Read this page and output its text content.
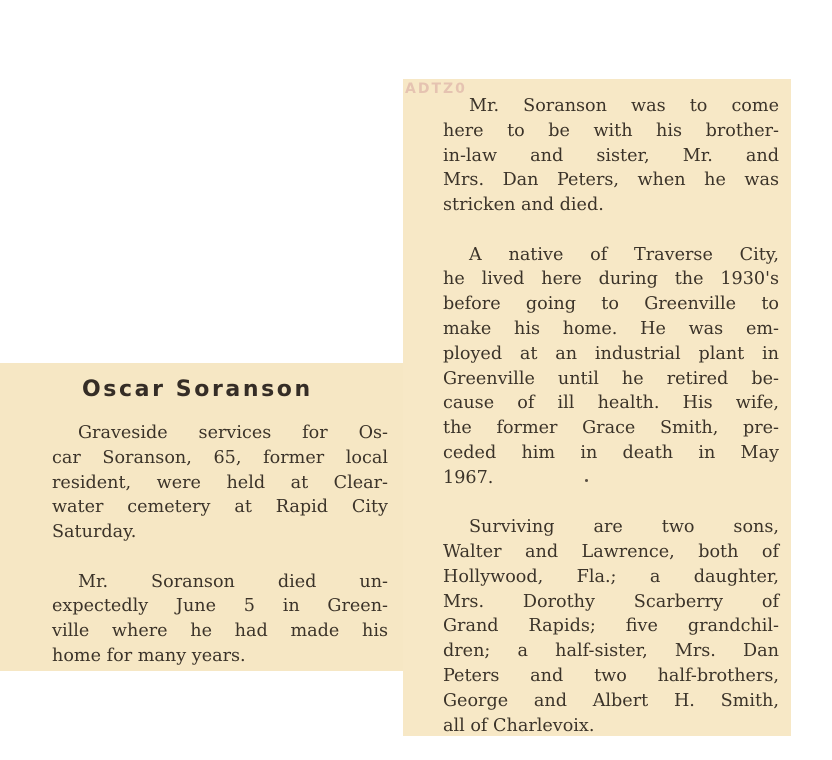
Oscar Soranson

Graveside services for Os-
car Soranson, 65, former local
resident, were held at Clear-
water cemetery at Rapid City
Saturday.

Mr. Soranson died un-
expectedly June 5 in Green-
ville where he had made his
home for many years.

ADTZ0

Mr. Soranson was to come
here to be with his brother-
in-law and sister, Mr. and
Mrs. Dan Peters, when he was
stricken and died.

A native of Traverse City,
he lived here during the 1930's
before going to Greenville to
make his home. He was em-
ployed at an industrial plant in
Greenville until he retired be-
cause of ill health. His wife,
the former Grace Smith, pre-
ceded him in death in May
1967.

Surviving are two sons,
Walter and Lawrence, both of
Hollywood, Fla.; a daughter,
Mrs. Dorothy Scarberry of
Grand Rapids; five grandchil-
dren; a half-sister, Mrs. Dan
Peters and two half-brothers,
George and Albert H. Smith,
all of Charlevoix.
